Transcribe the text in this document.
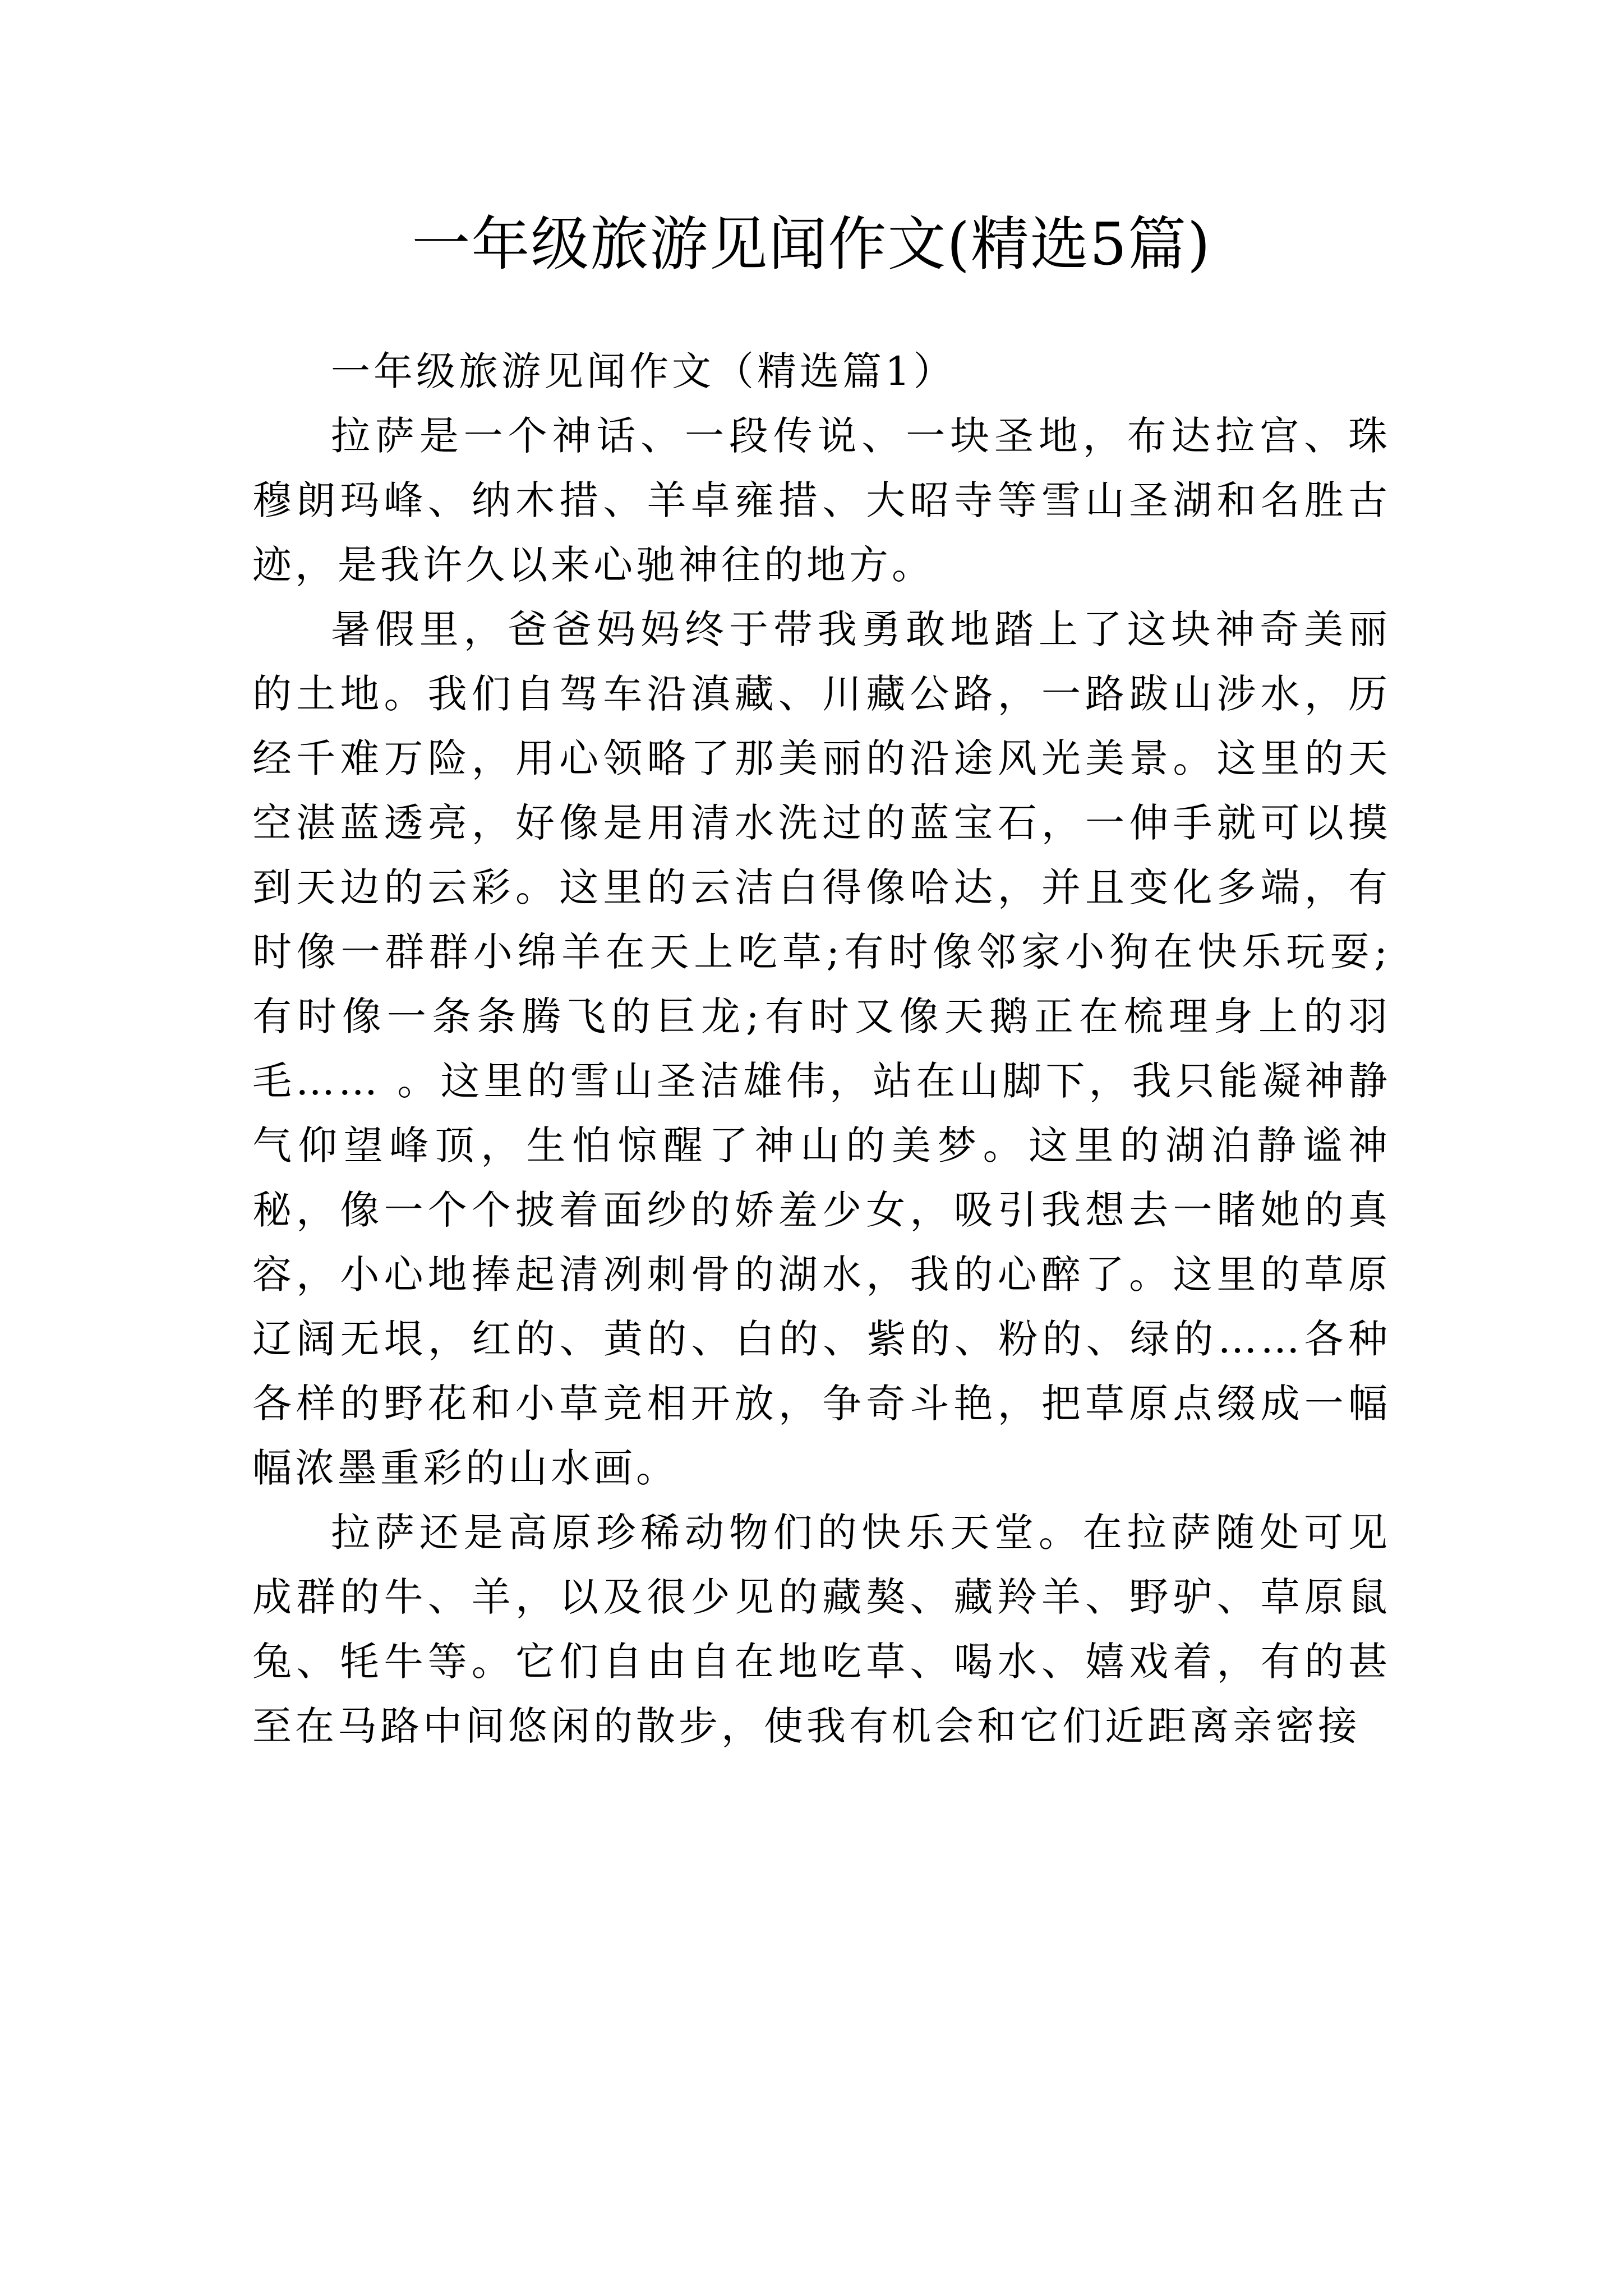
一年级旅游见闻作文(精选5篇)

一年级旅游见闻作文（精选篇1）

拉萨是一个神话、一段传说、一块圣地，布达拉宫、珠穆朗玛峰、纳木措、羊卓雍措、大昭寺等雪山圣湖和名胜古迹，是我许久以来心驰神往的地方。

暑假里，爸爸妈妈终于带我勇敢地踏上了这块神奇美丽的土地。我们自驾车沿滇藏、川藏公路，一路跋山涉水，历经千难万险，用心领略了那美丽的沿途风光美景。这里的天空湛蓝透亮，好像是用清水洗过的蓝宝石，一伸手就可以摸到天边的云彩。这里的云洁白得像哈达，并且变化多端，有时像一群群小绵羊在天上吃草;有时像邻家小狗在快乐玩耍;有时像一条条腾飞的巨龙;有时又像天鹅正在梳理身上的羽毛…… 。这里的雪山圣洁雄伟，站在山脚下，我只能凝神静气仰望峰顶，生怕惊醒了神山的美梦。这里的湖泊静谧神秘，像一个个披着面纱的娇羞少女，吸引我想去一睹她的真容，小心地捧起清冽刺骨的湖水，我的心醉了。这里的草原辽阔无垠，红的、黄的、白的、紫的、粉的、绿的……各种各样的野花和小草竞相开放，争奇斗艳，把草原点缀成一幅幅浓墨重彩的山水画。

拉萨还是高原珍稀动物们的快乐天堂。在拉萨随处可见成群的牛、羊，以及很少见的藏獒、藏羚羊、野驴、草原鼠兔、牦牛等。它们自由自在地吃草、喝水、嬉戏着，有的甚至在马路中间悠闲的散步，使我有机会和它们近距离亲密接
